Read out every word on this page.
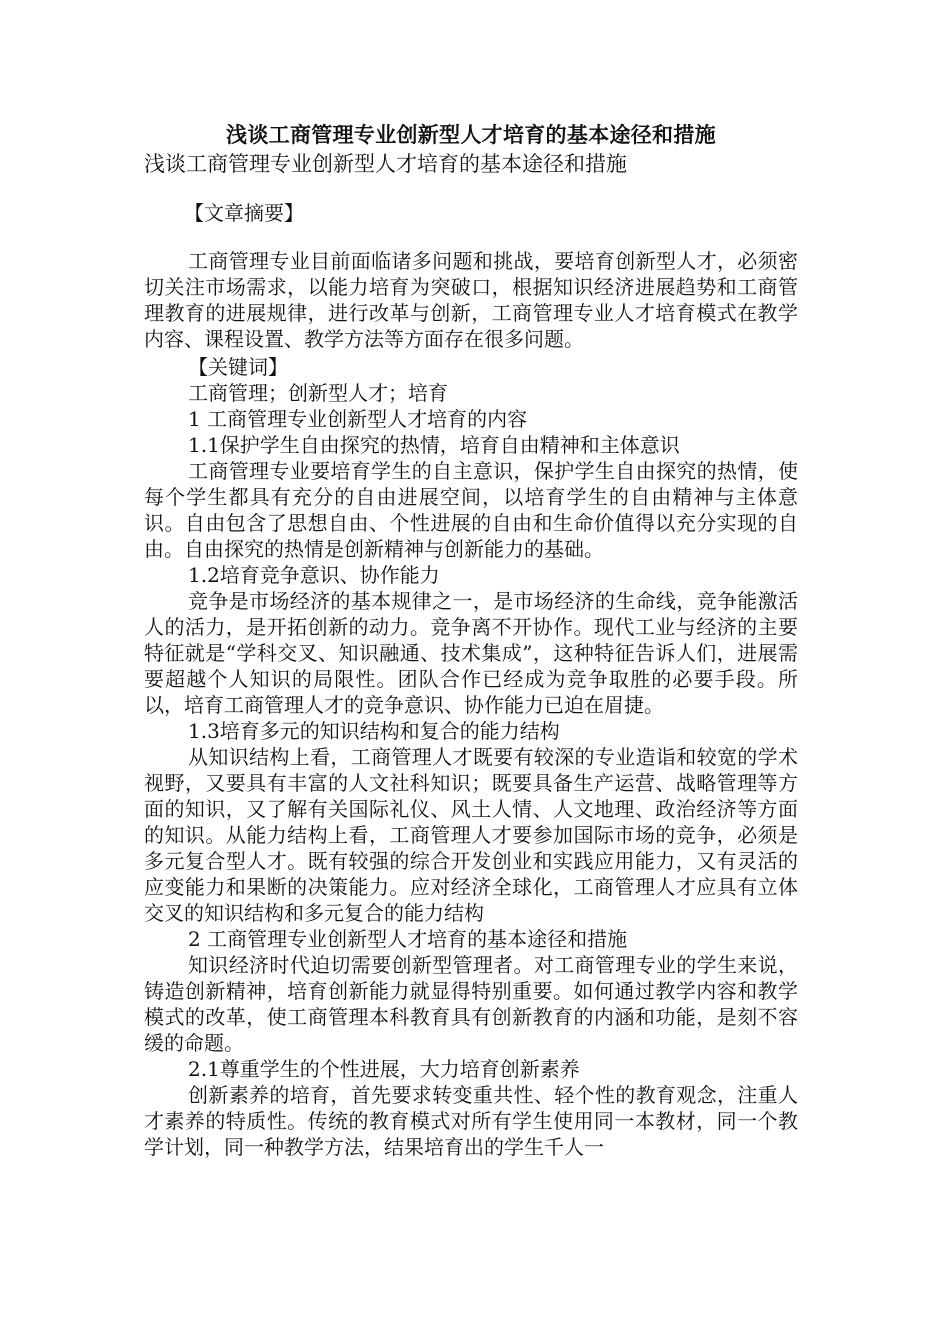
浅谈工商管理专业创新型人才培育的基本途径和措施
浅谈工商管理专业创新型人才培育的基本途径和措施
【文章摘要】

工商管理专业目前面临诸多问题和挑战，要培育创新型人才，必须密切关注市场需求，以能力培育为突破口，根据知识经济进展趋势和工商管理教育的进展规律，进行改革与创新，工商管理专业人才培育模式在教学内容、课程设置、教学方法等方面存在很多问题。

【关键词】

工商管理；创新型人才；培育

1 工商管理专业创新型人才培育的内容

1.1保护学生自由探究的热情，培育自由精神和主体意识

工商管理专业要培育学生的自主意识，保护学生自由探究的热情，使每个学生都具有充分的自由进展空间，以培育学生的自由精神与主体意识。自由包含了思想自由、个性进展的自由和生命价值得以充分实现的自由。自由探究的热情是创新精神与创新能力的基础。

1.2培育竞争意识、协作能力

竞争是市场经济的基本规律之一，是市场经济的生命线，竞争能激活人的活力，是开拓创新的动力。竞争离不开协作。现代工业与经济的主要特征就是“学科交叉、知识融通、技术集成”，这种特征告诉人们，进展需要超越个人知识的局限性。团队合作已经成为竞争取胜的必要手段。所以，培育工商管理人才的竞争意识、协作能力已迫在眉捷。

1.3培育多元的知识结构和复合的能力结构

从知识结构上看，工商管理人才既要有较深的专业造诣和较宽的学术视野，又要具有丰富的人文社科知识；既要具备生产运营、战略管理等方面的知识，又了解有关国际礼仪、风土人情、人文地理、政治经济等方面的知识。从能力结构上看，工商管理人才要参加国际市场的竞争，必须是多元复合型人才。既有较强的综合开发创业和实践应用能力，又有灵活的应变能力和果断的决策能力。应对经济全球化，工商管理人才应具有立体交叉的知识结构和多元复合的能力结构

2 工商管理专业创新型人才培育的基本途径和措施

知识经济时代迫切需要创新型管理者。对工商管理专业的学生来说，铸造创新精神，培育创新能力就显得特别重要。如何通过教学内容和教学模式的改革，使工商管理本科教育具有创新教育的内涵和功能，是刻不容缓的命题。

2.1尊重学生的个性进展，大力培育创新素养

创新素养的培育，首先要求转变重共性、轻个性的教育观念，注重人才素养的特质性。传统的教育模式对所有学生使用同一本教材，同一个教学计划，同一种教学方法，结果培育出的学生千人一
